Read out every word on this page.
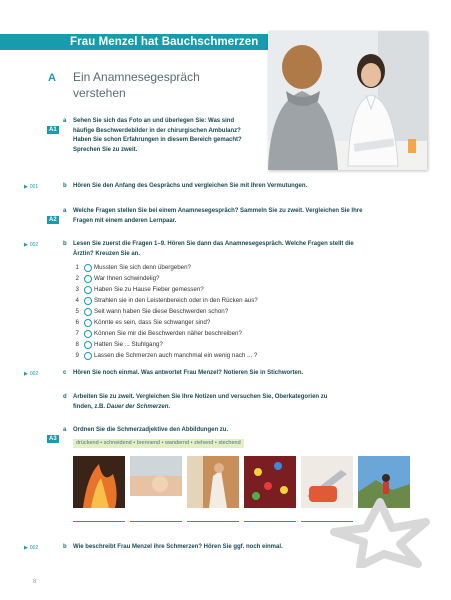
Frau Menzel hat Bauchschmerzen
A Ein Anamnesegespräch
verstehen
A1
a Sehen Sie sich das Foto an und überlegen Sie: Was sind häufige Beschwerdebilder in der chirurgischen Ambulanz? Haben Sie schon Erfahrungen in diesem Bereich gemacht? Sprechen Sie zu zweit.
▶ 001	b Hören Sie den Anfang des Gesprächs und vergleichen Sie mit Ihren Vermutungen.
A2
a Welche Fragen stellen Sie bei einem Anamnesegespräch? Sammeln Sie zu zweit. Vergleichen Sie Ihre Fragen mit einem anderen Lernpaar.
▶ 002	b Lesen Sie zuerst die Fragen 1–9. Hören Sie dann das Anamnesegespräch. Welche Fragen stellt die Ärztin? Kreuzen Sie an.
1 Mussten Sie sich denn übergeben?
2 War Ihnen schwindelig?
3 Haben Sie zu Hause Fieber gemessen?
4 Strahlen sie in den Leistenbereich oder in den Rücken aus?
5 Seit wann haben Sie diese Beschwerden schon?
6 Könnte es sein, dass Sie schwanger sind?
7 Können Sie mir die Beschwerden näher beschreiben?
8 Hatten Sie ... Stuhlgang?
9 Lassen die Schmerzen auch manchmal ein wenig nach ... ?
▶ 002	c Hören Sie noch einmal. Was antwortet Frau Menzel? Notieren Sie in Stichworten.
d Arbeiten Sie zu zweit. Vergleichen Sie Ihre Notizen und versuchen Sie, Oberkategorien zu finden, z.B. Dauer der Schmerzen.
A3
a Ordnen Sie die Schmerzadjektive den Abbildungen zu.
drückend • schneidend • brennend • wandernd • ziehend • stechend
▶ 002	b Wie beschreibt Frau Menzel ihre Schmerzen? Hören Sie ggf. noch einmal.
8
